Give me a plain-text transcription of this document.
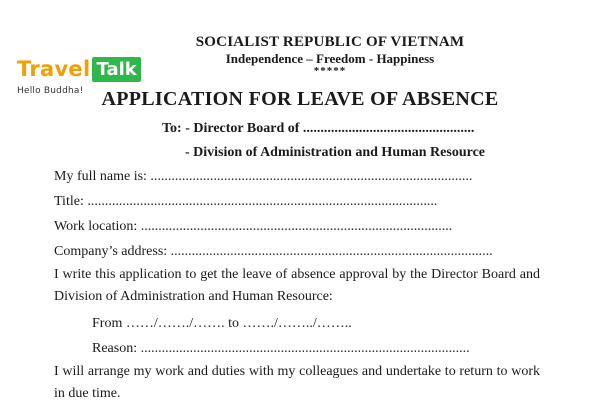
SOCIALIST REPUBLIC OF VIETNAM
Independence – Freedom - Happiness
*****
Travel Talk
Hello Buddha! APPLICATION FOR LEAVE OF ABSENCE
To: - Director Board of .................................................
- Division of Administration and Human Resource
My full name is: ............................................................................................
Title: ....................................................................................................
Work location: .........................................................................................
Company’s address: ............................................................................................
I write this application to get the leave of absence approval by the Director Board and Division of Administration and Human Resource:
From ……/……./……. to ……./……../……..
Reason: ..............................................................................................
I will arrange my work and duties with my colleagues and undertake to return to work in due time.
